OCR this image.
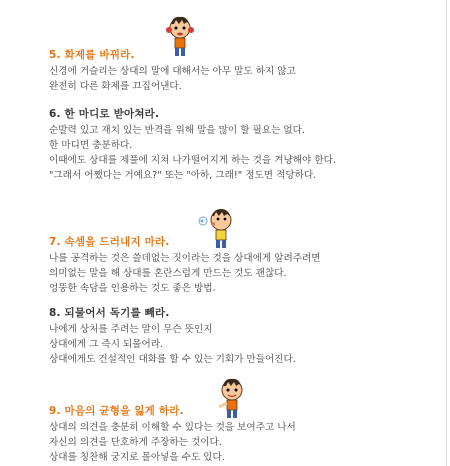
5. 화제를 바꿔라.

신경에 거슬리는 상대의 말에 대해서는 아무 말도 하지 않고

완전히 다른 화제를 끄집어낸다.

6. 한 마디로 받아쳐라.

순발력 있고 재치 있는 반격을 위해 말을 많이 할 필요는 없다.

한 마디면 충분하다.

이때에도 상대를 제풀에 지쳐 나가떨어지게 하는 것을 겨냥해야 한다.

"그래서 어쨌다는 거예요?" 또는 "아하, 그래!" 정도면 적당하다.

7. 속셈을 드러내지 마라.

나를 공격하는 것은 쓸데없는 짓이라는 것을 상대에게 알려주려면

의미없는 말을 해 상대를 혼란스럽게 만드는 것도 괜찮다.

엉뚱한 속담을 인용하는 것도 좋은 방법.

8. 되물어서 독기를 빼라.

나에게 상처를 주려는 말이 무슨 뜻인지

상대에게 그 즉시 되물어라.

상대에게도 건설적인 대화를 할 수 있는 기회가 만들어진다.

9. 마음의 균형을 잃게 하라.

상대의 의견을 충분히 이해할 수 있다는 것을 보여주고 나서

자신의 의견을 단호하게 주장하는 것이다.

상대를 칭찬해 궁지로 몰아넣을 수도 있다.
